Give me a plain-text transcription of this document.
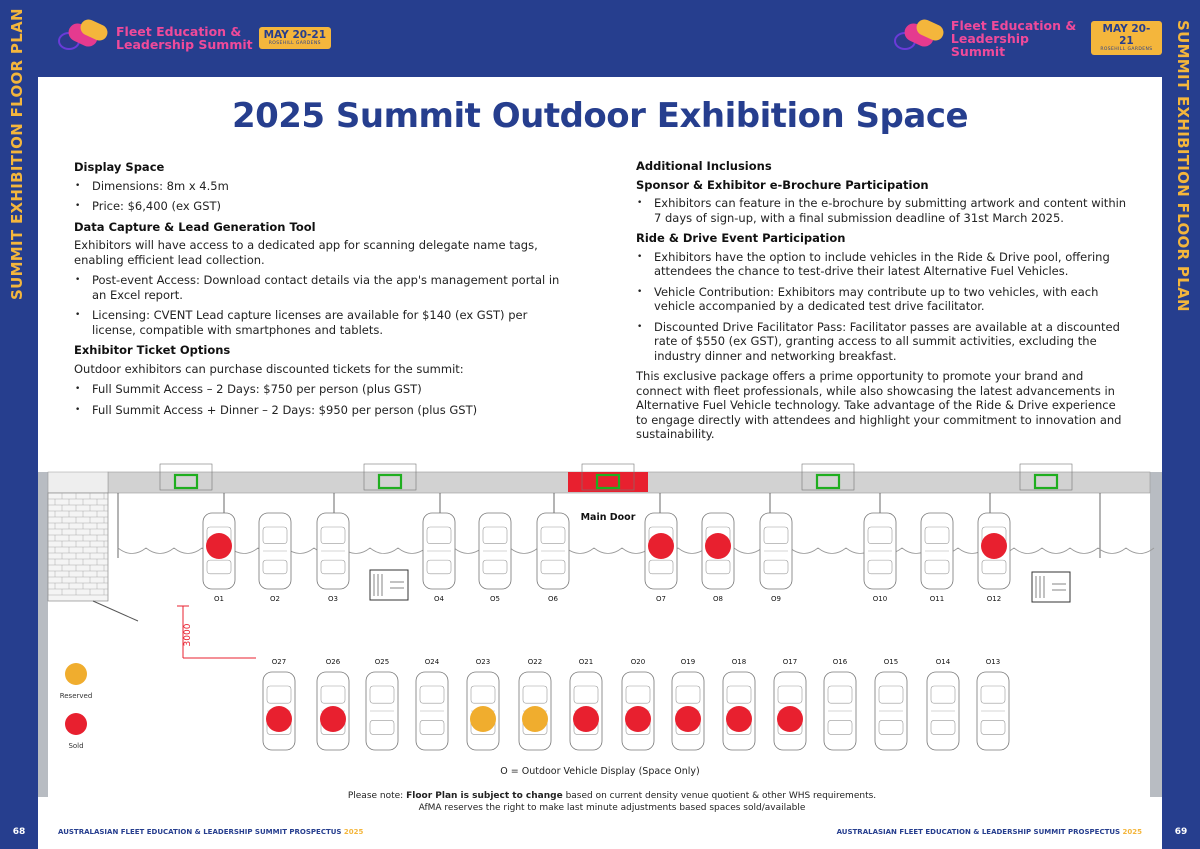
SUMMIT EXHIBITION FLOOR PLAN
68
SUMMIT EXHIBITION FLOOR PLAN
69
Fleet Education &
Leadership Summit
MAY 20-21
ROSEHILL GARDENS
Fleet Education &
Leadership Summit
MAY 20-21
ROSEHILL GARDENS
2025 Summit Outdoor Exhibition Space
Display Space
• Dimensions: 8m x 4.5m
• Price: $6,400 (ex GST)
Data Capture & Lead Generation Tool

Exhibitors will have access to a dedicated app for scanning delegate name tags, enabling efficient lead collection.

• Post-event Access: Download contact details via the app's management portal in an Excel report.
• Licensing: CVENT Lead capture licenses are available for $140 (ex GST) per license, compatible with smartphones and tablets.
Exhibitor Ticket Options

Outdoor exhibitors can purchase discounted tickets for the summit:

• Full Summit Access – 2 Days: $750 per person (plus GST)
• Full Summit Access + Dinner – 2 Days: $950 per person (plus GST)
Additional Inclusions
Sponsor & Exhibitor e-Brochure Participation
• Exhibitors can feature in the e-brochure by submitting artwork and content within 7 days of sign-up, with a final submission deadline of 31st March 2025.
Ride & Drive Event Participation
• Exhibitors have the option to include vehicles in the Ride & Drive pool, offering attendees the chance to test-drive their latest Alternative Fuel Vehicles.
• Vehicle Contribution: Exhibitors may contribute up to two vehicles, with each vehicle accompanied by a dedicated test drive facilitator.
• Discounted Drive Facilitator Pass: Facilitator passes are available at a discounted rate of $550 (ex GST), granting access to all summit activities, excluding the industry dinner and networking breakfast.

This exclusive package offers a prime opportunity to promote your brand and connect with fleet professionals, while also showcasing the latest advancements in Alternative Fuel Vehicle technology. Take advantage of the Ride & Drive experience to engage directly with attendees and highlight your commitment to innovation and sustainability.

Main Door
3000
O1	O2	O3	O4	O5	O6	O7	O8	O9	O10	O11	O12
O27	O26	O25	O24	O23	O22	O21	O20	O19	O18	O17	O16	O15	O14	O13
Reserved
Sold
O = Outdoor Vehicle Display (Space Only)
Please note: Floor Plan is subject to change based on current density venue quotient & other WHS requirements.
AfMA reserves the right to make last minute adjustments based spaces sold/available
AUSTRALASIAN FLEET EDUCATION & LEADERSHIP SUMMIT PROSPECTUS 2025	AUSTRALASIAN FLEET EDUCATION & LEADERSHIP SUMMIT PROSPECTUS 2025
